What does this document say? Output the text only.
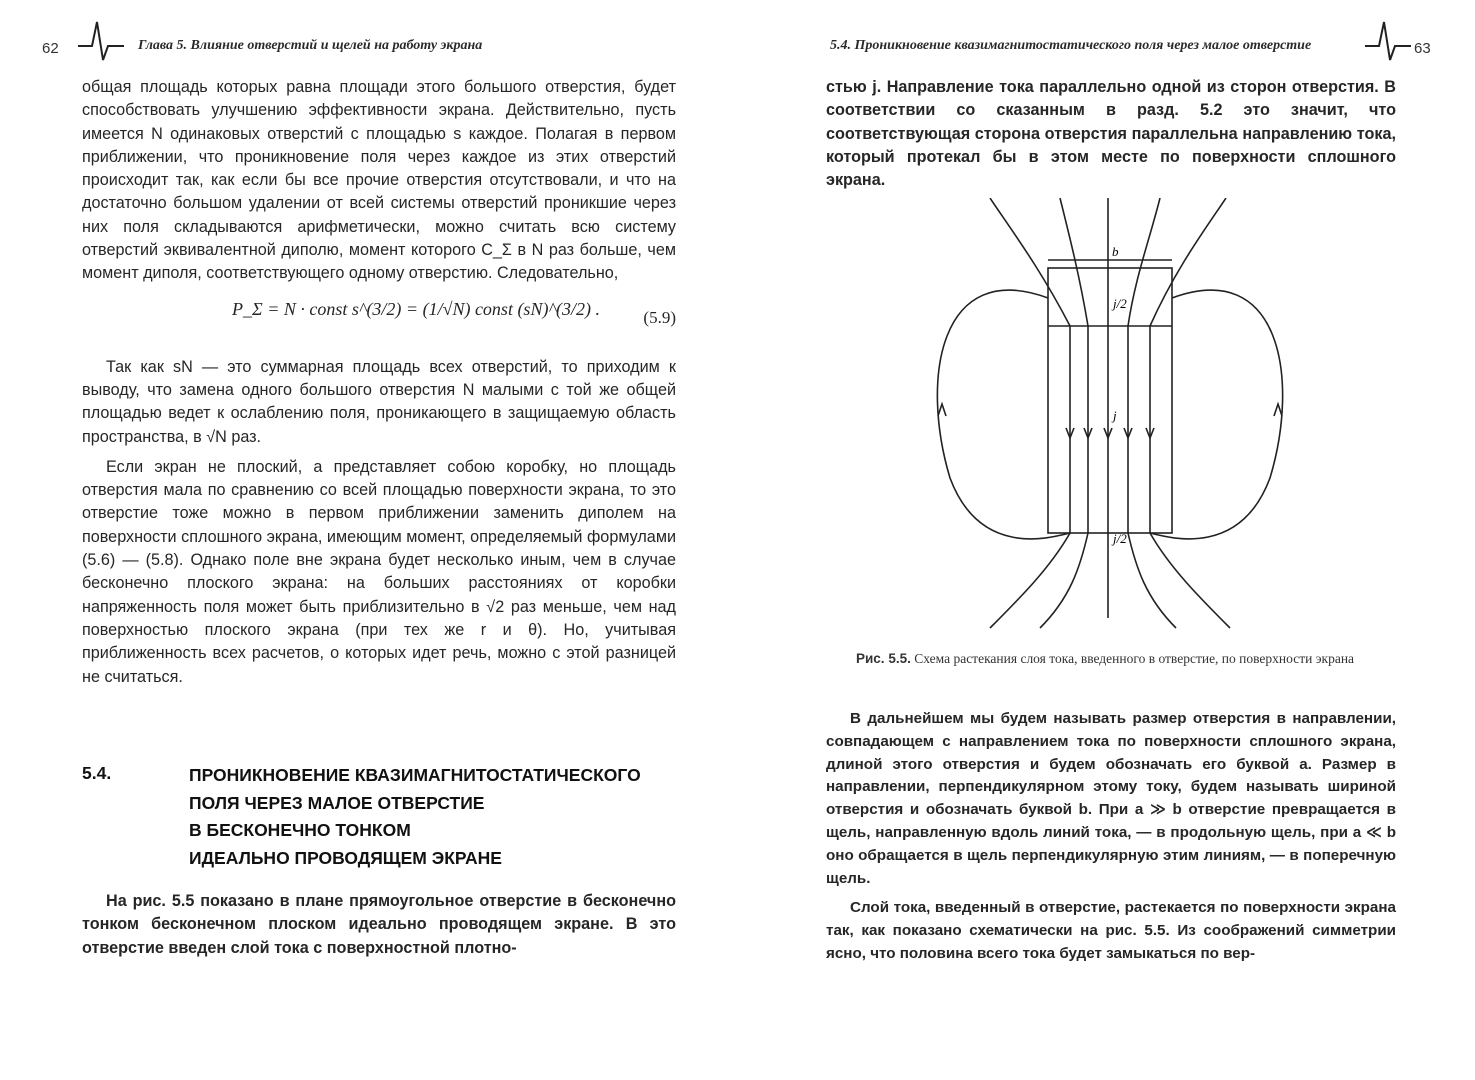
62	Глава 5. Влияние отверстий и щелей на работу экрана

общая площадь которых равна площади этого большого отверстия, будет способствовать улучшению эффективности экрана. Действительно, пусть имеется N одинаковых отверстий с площадью s каждое. Полагая в первом приближении, что проникновение поля через каждое из этих отверстий происходит так, как если бы все прочие отверстия отсутствовали, и что на достаточно большом удалении от всей системы отверстий проникшие через них поля складываются арифметически, можно считать всю систему отверстий эквивалентной диполю, момент которого C_Σ в N раз больше, чем момент диполя, соответствующего одному отверстию. Следовательно,

P_Σ = N · const s^(3/2) = (1/√N) const (sN)^(3/2) .	(5.9)

Так как sN — это суммарная площадь всех отверстий, то приходим к выводу, что замена одного большого отверстия N малыми с той же общей площадью ведет к ослаблению поля, проникающего в защищаемую область пространства, в √N раз.

Если экран не плоский, а представляет собою коробку, но площадь отверстия мала по сравнению со всей площадью поверхности экрана, то это отверстие тоже можно в первом приближении заменить диполем на поверхности сплошного экрана, имеющим момент, определяемый формулами (5.6) — (5.8). Однако поле вне экрана будет несколько иным, чем в случае бесконечно плоского экрана: на больших расстояниях от коробки напряженность поля может быть приблизительно в √2 раз меньше, чем над поверхностью плоского экрана (при тех же r и θ). Но, учитывая приближенность всех расчетов, о которых идет речь, можно с этой разницей не считаться.

5.4.	ПРОНИКНОВЕНИЕ КВАЗИМАГНИТОСТАТИЧЕСКОГО
ПОЛЯ ЧЕРЕЗ МАЛОЕ ОТВЕРСТИЕ
В БЕСКОНЕЧНО ТОНКОМ
ИДЕАЛЬНО ПРОВОДЯЩЕМ ЭКРАНЕ

На рис. 5.5 показано в плане прямоугольное отверстие в бесконечно тонком бесконечном плоском идеально проводящем экране. В это отверстие введен слой тока с поверхностной плотно-

5.4. Проникновение квазимагнитостатического поля через малое отверстие	63

стью j. Направление тока параллельно одной из сторон отверстия. В соответствии со сказанным в разд. 5.2 это значит, что соответствующая сторона отверстия параллельна направлению тока, который протекал бы в этом месте по поверхности сплошного экрана.

b
j/2
j
j/2
Рис. 5.5. Схема растекания слоя тока, введенного в отверстие, по поверхности экрана

В дальнейшем мы будем называть размер отверстия в направлении, совпадающем с направлением тока по поверхности сплошного экрана, длиной этого отверстия и будем обозначать его буквой a. Размер в направлении, перпендикулярном этому току, будем называть шириной отверстия и обозначать буквой b. При a ≫ b отверстие превращается в щель, направленную вдоль линий тока, — в продольную щель, при a ≪ b оно обращается в щель перпендикулярную этим линиям, — в поперечную щель.

Слой тока, введенный в отверстие, растекается по поверхности экрана так, как показано схематически на рис. 5.5. Из соображений симметрии ясно, что половина всего тока будет замыкаться по вер-
